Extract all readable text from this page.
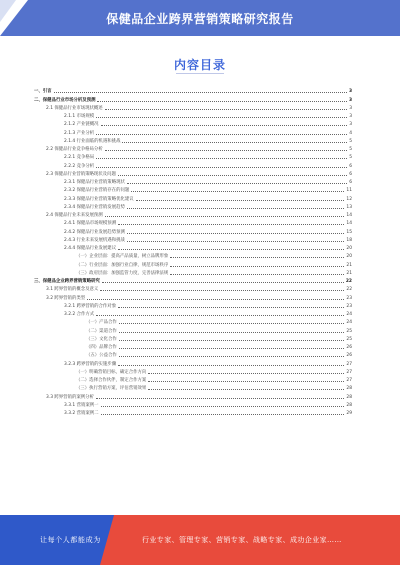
保健品企业跨界营销策略研究报告
内容目录
一、引言	3
二、保健品行业市场分析及预测	3
2.1 保健品行业市场现状概述	3
2.1.1 市场规模	3
2.1.2 产业链概况	3
2.1.3 产业分析	4
2.1.4 行业面临的机遇和挑战	5
2.2 保健品行业竞争格局分析	5
2.2.1 竞争格局	5
2.2.2 竞争分析	6
2.3 保健品行业营销策略现状及问题	6
2.3.1 保健品行业营销策略现状	6
2.3.2 保健品行业营销存在的问题	11
2.3.3 保健品行业营销策略优化建议	12
2.3.4 保健品行业营销发展趋势	13
2.4 保健品行业未来发展预测	14
2.4.1 保健品市场规模预测	14
2.4.2 保健品行业发展趋势预测	15
2.4.3 行业未来发展机遇和挑战	18
2.4.4 保健品行业发展建议	20
（一）企业层面：提高产品质量，树立品牌形象	20
（二）行业层面：加强行业自律，规范市场秩序	21
（三）政府层面：加强监管力度，完善法律法规	21
三、保健品企业跨界营销策略研究	22
3.1 跨界营销的概念及意义	22
3.2 跨界营销的类型	23
3.2.1 跨界营销的合作对象	23
3.2.2 合作方式	24
（一）产品合作	24
（二）渠道合作	25
（三）文化合作	25
（四）品牌合作	26
（五）公益合作	26
3.2.3 跨界营销的实施步骤	27
（一）明确营销目标，确定合作方向	27
（二）选择合作伙伴，制定合作方案	27
（三）执行营销方案，评估营销效果	28
3.3 跨界营销的案例分析	28
3.3.1 营销案例一	28
3.3.2 营销案例二	29
让每个人都能成为	行业专家、管理专家、营销专家、战略专家、成功企业家……
